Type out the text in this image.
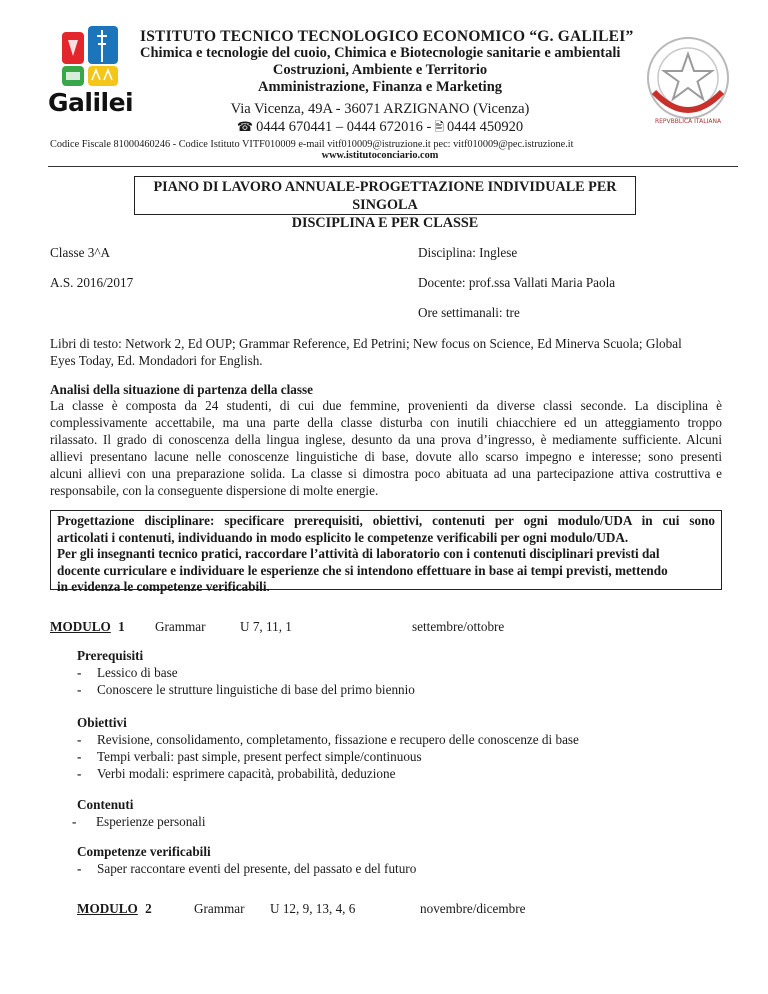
Galilei
ISTITUTO TECNICO TECNOLOGICO ECONOMICO “G. GALILEI”
Chimica e tecnologie del cuoio, Chimica e Biotecnologie sanitarie e ambientali
Costruzioni, Ambiente e Territorio
Amministrazione, Finanza e Marketing
Via Vicenza, 49A - 36071 ARZIGNANO (Vicenza)
☎ 0444 670441 – 0444 672016 - 🖹 0444 450920
Codice Fiscale 81000460246 - Codice Istituto VITF010009 e-mail vitf010009@istruzione.it pec: vitf010009@pec.istruzione.it
www.istitutoconciario.com
REPVBBLICA ITALIANA
PIANO DI LAVORO ANNUALE-PROGETTAZIONE INDIVIDUALE PER SINGOLA
DISCIPLINA E PER CLASSE
Classe 3^A	Disciplina: Inglese
A.S. 2016/2017	Docente: prof.ssa Vallati Maria Paola
Ore settimanali: tre
Libri di testo: Network 2, Ed OUP; Grammar Reference, Ed Petrini; New focus on Science, Ed Minerva Scuola; Global
Eyes Today, Ed. Mondadori for English.
Analisi della situazione di partenza della classe
La classe è composta da 24 studenti, di cui due femmine, provenienti da diverse classi seconde. La disciplina è
complessivamente accettabile, ma una parte della classe disturba con inutili chiacchiere ed un atteggiamento troppo
rilassato. Il grado di conoscenza della lingua inglese, desunto da una prova d’ingresso, è mediamente sufficiente. Alcuni
allievi presentano lacune nelle conoscenze linguistiche di base, dovute allo scarso impegno e interesse; sono presenti
alcuni allievi con una preparazione solida. La classe si dimostra poco abituata ad una partecipazione attiva costruttiva e
responsabile, con la conseguente dispersione di molte energie.
Progettazione disciplinare: specificare prerequisiti, obiettivi, contenuti per ogni modulo/UDA in cui sono
articolati i contenuti, individuando in modo esplicito le competenze verificabili per ogni modulo/UDA.
Per gli insegnanti tecnico pratici, raccordare l’attività di laboratorio con i contenuti disciplinari previsti dal
docente curriculare e individuare le esperienze che si intendono effettuare in base ai tempi previsti, mettendo
in evidenza le competenze verificabili.
MODULO 1 Grammar	U 7, 11, 1	settembre/ottobre
Prerequisiti
- Lessico di base
- Conoscere le strutture linguistiche di base del primo biennio
Obiettivi
- Revisione, consolidamento, completamento, fissazione e recupero delle conoscenze di base
- Tempi verbali: past simple, present perfect simple/continuous
- Verbi modali: esprimere capacità, probabilità, deduzione
Contenuti
- Esperienze personali
Competenze verificabili
- Saper raccontare eventi del presente, del passato e del futuro
MODULO 2	Grammar U 12, 9, 13, 4, 6	novembre/dicembre
